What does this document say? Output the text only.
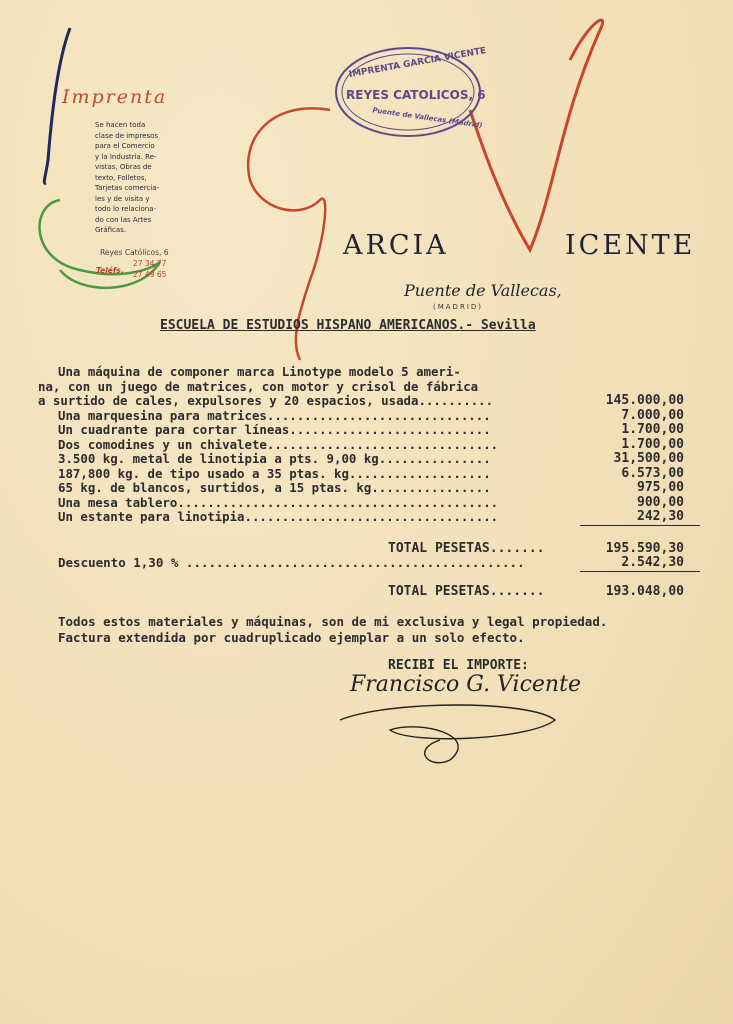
Imprenta
Se hacen toda
clase de impresos
para el Comercio
y la Industria. Re-
vistas, Obras de
texto, Folletos,
Tarjetas comercia-
les y de visita y
todo lo relaciona-
do con las Artes
Gráficas.
Reyes Católicos, 6
Teléfs.
27 34 77
27 49 65
IMPRENTA GARCIA VICENTE
REYES CATOLICOS, 6
Puente de Vallecas (Madrid)
ARCIA	ICENTE
Puente de Vallecas,
(MADRID)
ESCUELA DE ESTUDIOS HISPANO AMERICANOS.- Sevilla
Una máquina de componer marca Linotype modelo 5 ameri-
na, con un juego de matrices, con motor y crisol de fábrica
a surtido de cales, expulsores y 20 espacios, usada..........	145.000,00
Una marquesina para matrices..............................	7.000,00
Un cuadrante para cortar líneas...........................	1.700,00
Dos comodines y un chivalete...............................	1.700,00
3.500 kg. metal de linotipia a pts. 9,00 kg...............	31,500,00
187,800 kg. de tipo usado a 35 ptas. kg...................	6.573,00
65 kg. de blancos, surtidos, a 15 ptas. kg................	975,00
Una mesa tablero...........................................	900,00
Un estante para linotipia..................................	242,30
TOTAL PESETAS.......	195.590,30
Descuento 1,30 % .............................................	2.542,30
TOTAL PESETAS.......	193.048,00
Todos estos materiales y máquinas, son de mi exclusiva y legal propiedad.
Factura extendida por cuadruplicado ejemplar a un solo efecto.
RECIBI EL IMPORTE:
Francisco G. Vicente
